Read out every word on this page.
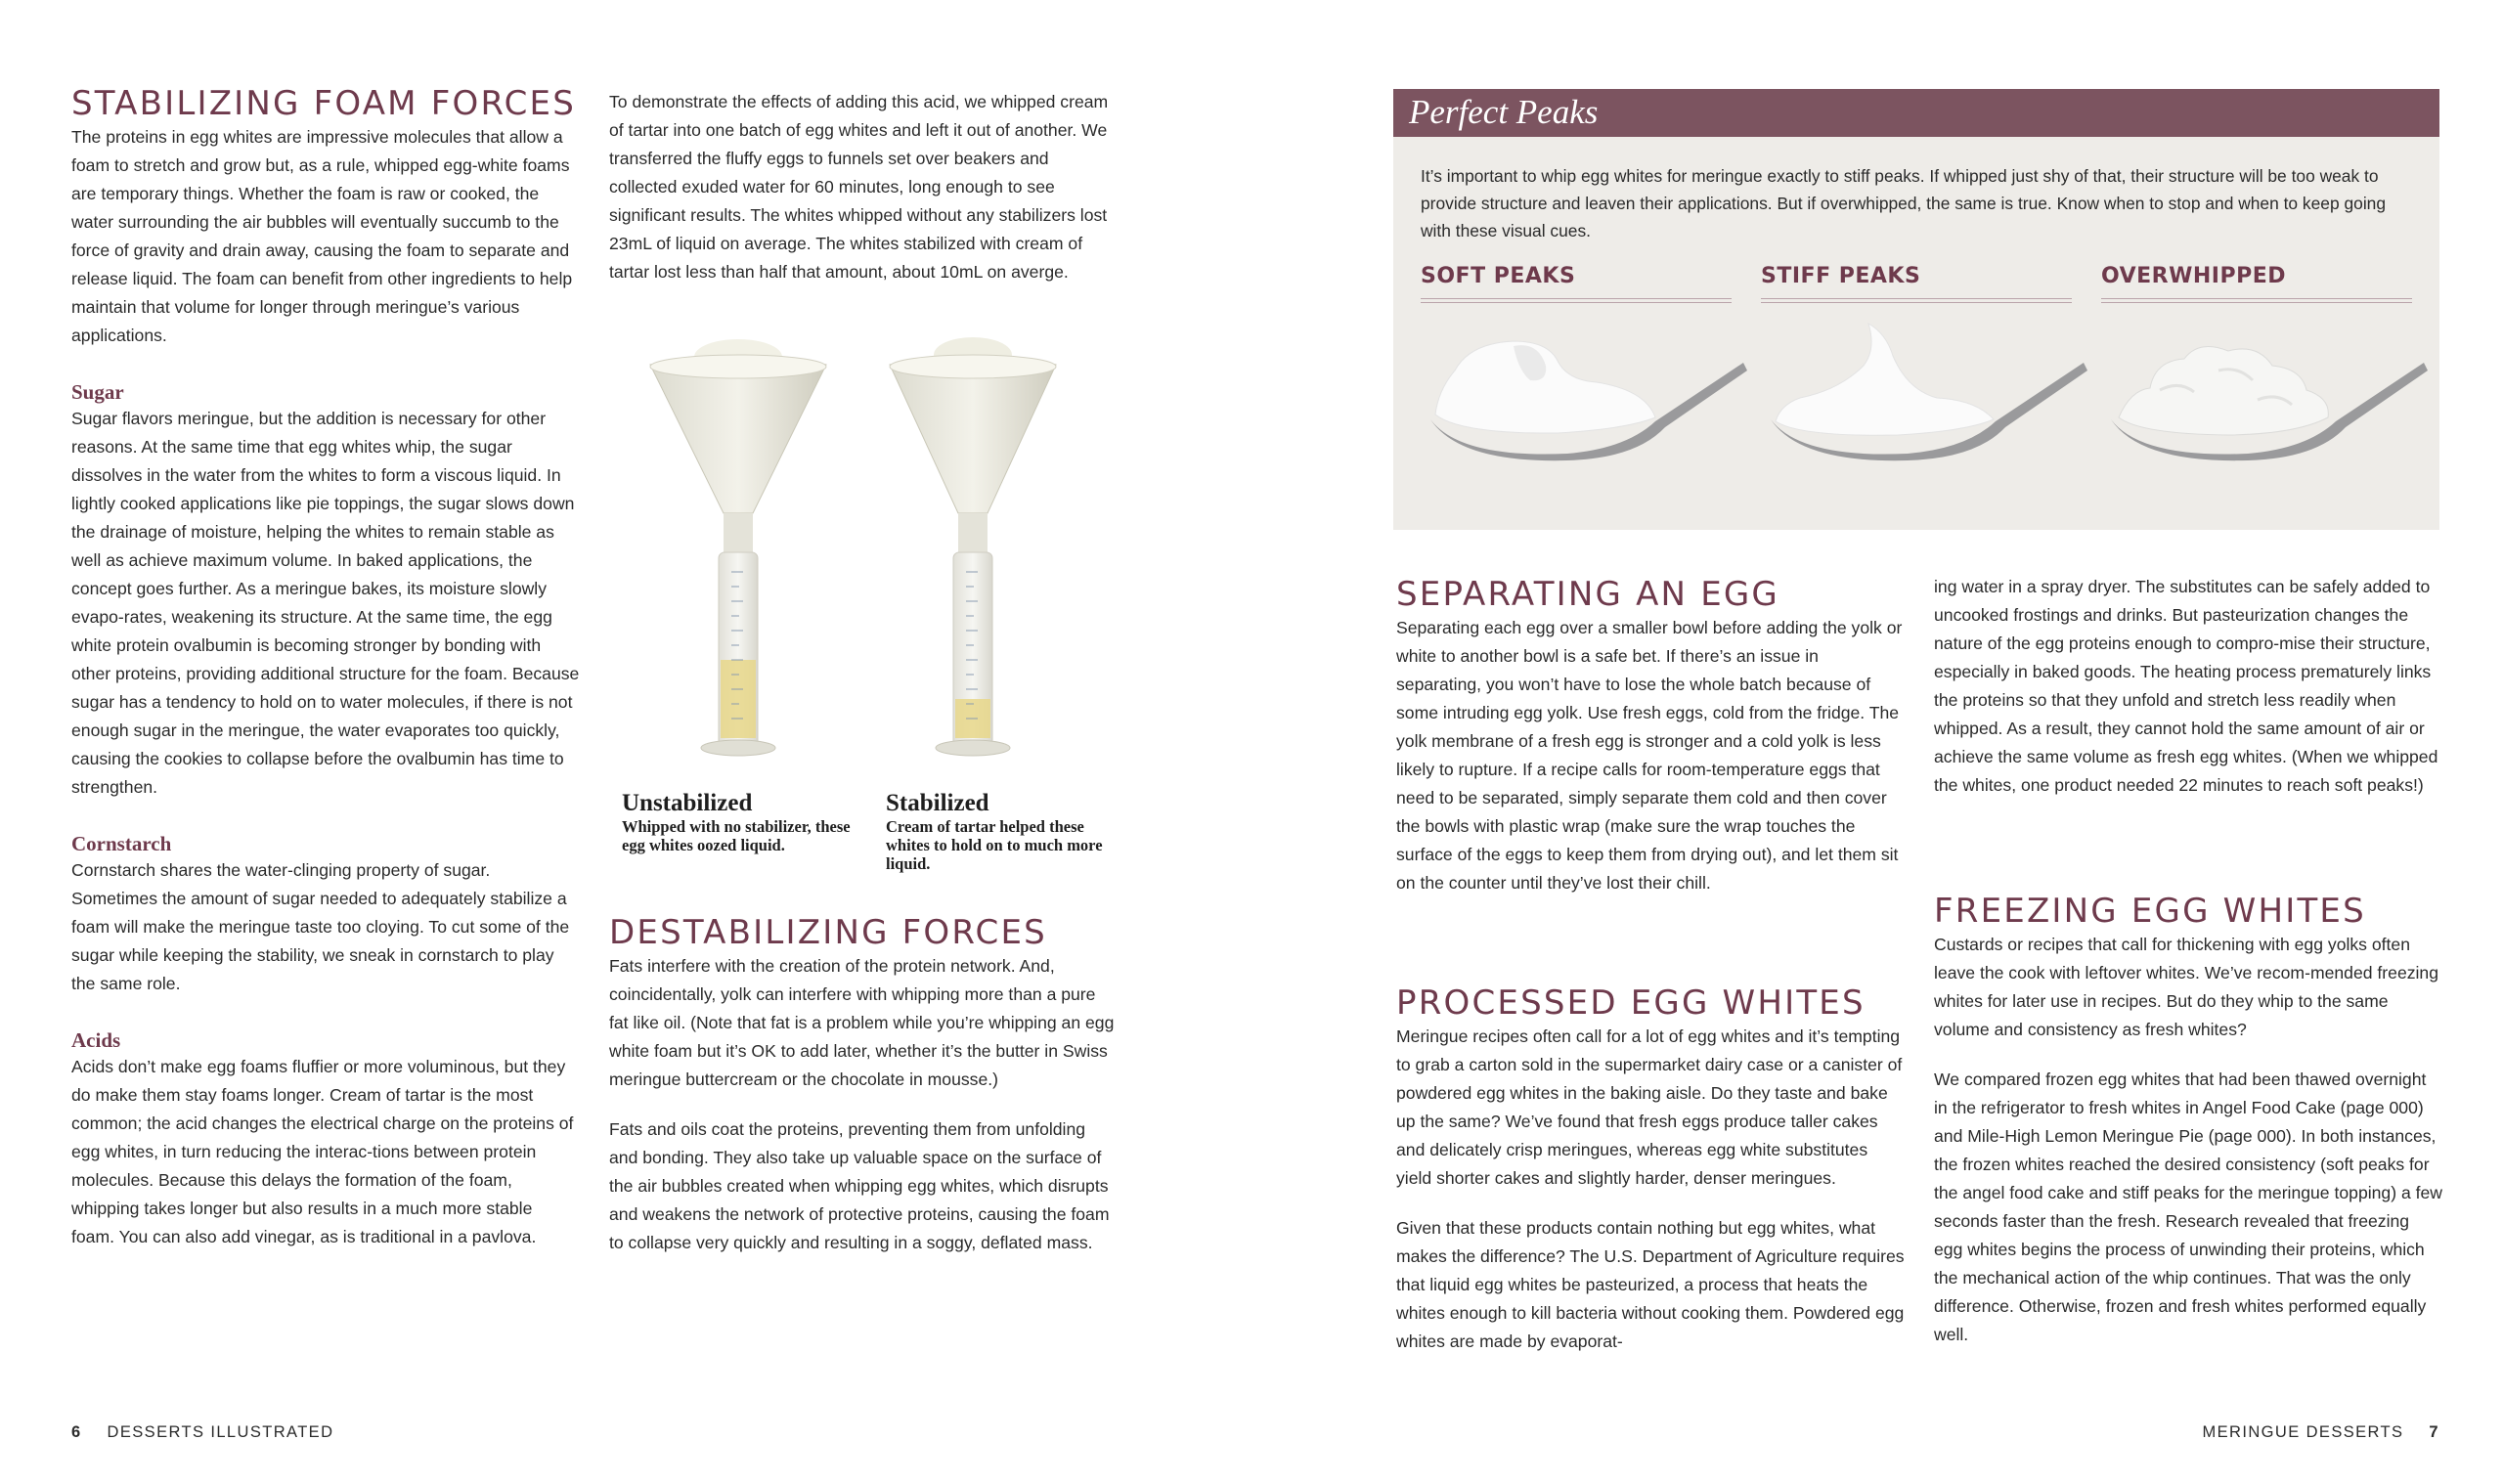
STABILIZING FOAM FORCES
The proteins in egg whites are impressive molecules that allow a foam to stretch and grow but, as a rule, whipped egg-white foams are temporary things. Whether the foam is raw or cooked, the water surrounding the air bubbles will eventually succumb to the force of gravity and drain away, causing the foam to separate and release liquid. The foam can benefit from other ingredients to help maintain that volume for longer through meringue’s various applications.
Sugar
Sugar flavors meringue, but the addition is necessary for other reasons. At the same time that egg whites whip, the sugar dissolves in the water from the whites to form a viscous liquid. In lightly cooked applications like pie toppings, the sugar slows down the drainage of moisture, helping the whites to remain stable as well as achieve maximum volume. In baked applications, the concept goes further. As a meringue bakes, its moisture slowly evapo-rates, weakening its structure. At the same time, the egg white protein ovalbumin is becoming stronger by bonding with other proteins, providing additional structure for the foam. Because sugar has a tendency to hold on to water molecules, if there is not enough sugar in the meringue, the water evaporates too quickly, causing the cookies to collapse before the ovalbumin has time to strengthen.
Cornstarch
Cornstarch shares the water-clinging property of sugar. Sometimes the amount of sugar needed to adequately stabilize a foam will make the meringue taste too cloying. To cut some of the sugar while keeping the stability, we sneak in cornstarch to play the same role.
Acids
Acids don’t make egg foams fluffier or more voluminous, but they do make them stay foams longer. Cream of tartar is the most common; the acid changes the electrical charge on the proteins of egg whites, in turn reducing the interac-tions between protein molecules. Because this delays the formation of the foam, whipping takes longer but also results in a much more stable foam. You can also add vinegar, as is traditional in a pavlova.
To demonstrate the effects of adding this acid, we whipped cream of tartar into one batch of egg whites and left it out of another. We transferred the fluffy eggs to funnels set over beakers and collected exuded water for 60 minutes, long enough to see significant results. The whites whipped without any stabilizers lost 23mL of liquid on average. The whites stabilized with cream of tartar lost less than half that amount, about 10mL on averge.
Unstabilized
Whipped with no stabilizer, these egg whites oozed liquid.
Stabilized
Cream of tartar helped these whites to hold on to much more liquid.
DESTABILIZING FORCES
Fats interfere with the creation of the protein network. And, coincidentally, yolk can interfere with whipping more than a pure fat like oil. (Note that fat is a problem while you’re whipping an egg white foam but it’s OK to add later, whether it’s the butter in Swiss meringue buttercream or the chocolate in mousse.)
Fats and oils coat the proteins, preventing them from unfolding and bonding. They also take up valuable space on the surface of the air bubbles created when whipping egg whites, which disrupts and weakens the network of protective proteins, causing the foam to collapse very quickly and resulting in a soggy, deflated mass.
Perfect Peaks
It’s important to whip egg whites for meringue exactly to stiff peaks. If whipped just shy of that, their structure will be too weak to provide structure and leaven their applications. But if overwhipped, the same is true. Know when to stop and when to keep going with these visual cues.
SOFT PEAKS	STIFF PEAKS	OVERWHIPPED
SEPARATING AN EGG
Separating each egg over a smaller bowl before adding the yolk or white to another bowl is a safe bet. If there’s an issue in separating, you won’t have to lose the whole batch because of some intruding egg yolk. Use fresh eggs, cold from the fridge. The yolk membrane of a fresh egg is stronger and a cold yolk is less likely to rupture. If a recipe calls for room-temperature eggs that need to be separated, simply separate them cold and then cover the bowls with plastic wrap (make sure the wrap touches the surface of the eggs to keep them from drying out), and let them sit on the counter until they’ve lost their chill.
PROCESSED EGG WHITES
Meringue recipes often call for a lot of egg whites and it’s tempting to grab a carton sold in the supermarket dairy case or a canister of powdered egg whites in the baking aisle. Do they taste and bake up the same? We’ve found that fresh eggs produce taller cakes and delicately crisp meringues, whereas egg white substitutes yield shorter cakes and slightly harder, denser meringues.
Given that these products contain nothing but egg whites, what makes the difference? The U.S. Department of Agriculture requires that liquid egg whites be pasteurized, a process that heats the whites enough to kill bacteria without cooking them. Powdered egg whites are made by evaporat-
ing water in a spray dryer. The substitutes can be safely added to uncooked frostings and drinks. But pasteurization changes the nature of the egg proteins enough to compro-mise their structure, especially in baked goods. The heating process prematurely links the proteins so that they unfold and stretch less readily when whipped. As a result, they cannot hold the same amount of air or achieve the same volume as fresh egg whites. (When we whipped the whites, one product needed 22 minutes to reach soft peaks!)
FREEZING EGG WHITES
Custards or recipes that call for thickening with egg yolks often leave the cook with leftover whites. We’ve recom-mended freezing whites for later use in recipes. But do they whip to the same volume and consistency as fresh whites?
We compared frozen egg whites that had been thawed overnight in the refrigerator to fresh whites in Angel Food Cake (page 000) and Mile-High Lemon Meringue Pie (page 000). In both instances, the frozen whites reached the desired consistency (soft peaks for the angel food cake and stiff peaks for the meringue topping) a few seconds faster than the fresh. Research revealed that freezing egg whites begins the process of unwinding their proteins, which the mechanical action of the whip continues. That was the only difference. Otherwise, frozen and fresh whites performed equally well.
6 DESSERTS ILLUSTRATED	MERINGUE DESSERTS 7
